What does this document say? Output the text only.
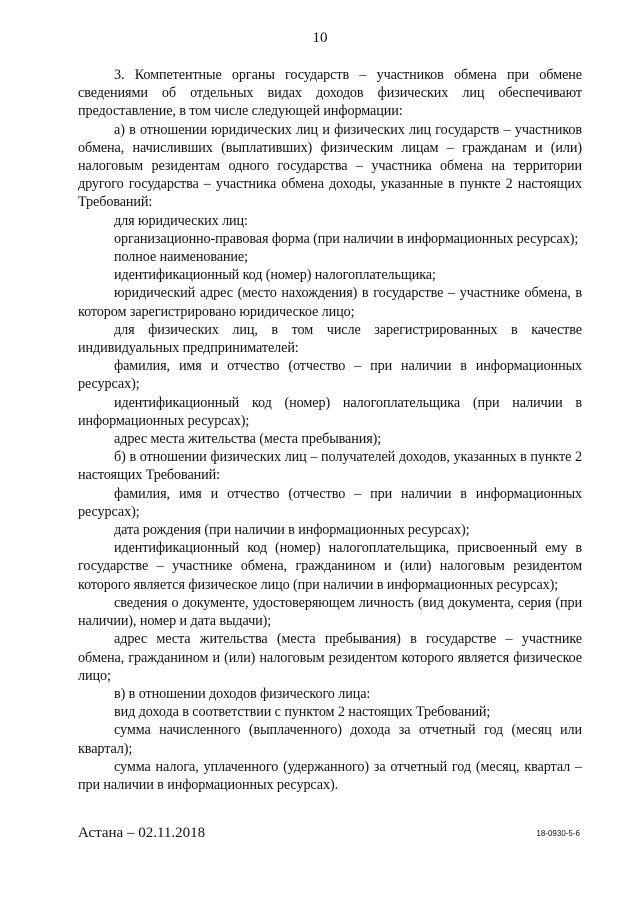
10

3. Компетентные органы государств – участников обмена при обмене сведениями об отдельных видах доходов физических лиц обеспечивают предоставление, в том числе следующей информации:

а) в отношении юридических лиц и физических лиц государств – участников обмена, начисливших (выплативших) физическим лицам – гражданам и (или) налоговым резидентам одного государства – участника обмена на территории другого государства – участника обмена доходы, указанные в пункте 2 настоящих Требований:

для юридических лиц:

организационно-правовая форма (при наличии в информационных ресурсах);

полное наименование;

идентификационный код (номер) налогоплательщика;

юридический адрес (место нахождения) в государстве – участнике обмена, в котором зарегистрировано юридическое лицо;

для физических лиц, в том числе зарегистрированных в качестве индивидуальных предпринимателей:

фамилия, имя и отчество (отчество – при наличии в информационных ресурсах);

идентификационный код (номер) налогоплательщика (при наличии в информационных ресурсах);

адрес места жительства (места пребывания);

б) в отношении физических лиц – получателей доходов, указанных в пункте 2 настоящих Требований:

фамилия, имя и отчество (отчество – при наличии в информационных ресурсах);

дата рождения (при наличии в информационных ресурсах);

идентификационный код (номер) налогоплательщика, присвоенный ему в государстве – участнике обмена, гражданином и (или) налоговым резидентом которого является физическое лицо (при наличии в информационных ресурсах);

сведения о документе, удостоверяющем личность (вид документа, серия (при наличии), номер и дата выдачи);

адрес места жительства (места пребывания) в государстве – участнике обмена, гражданином и (или) налоговым резидентом которого является физическое лицо;

в) в отношении доходов физического лица:

вид дохода в соответствии с пунктом 2 настоящих Требований;

сумма начисленного (выплаченного) дохода за отчетный год (месяц или квартал);

сумма налога, уплаченного (удержанного) за отчетный год (месяц, квартал – при наличии в информационных ресурсах).

Астана – 02.11.2018	18-0930-5-6
